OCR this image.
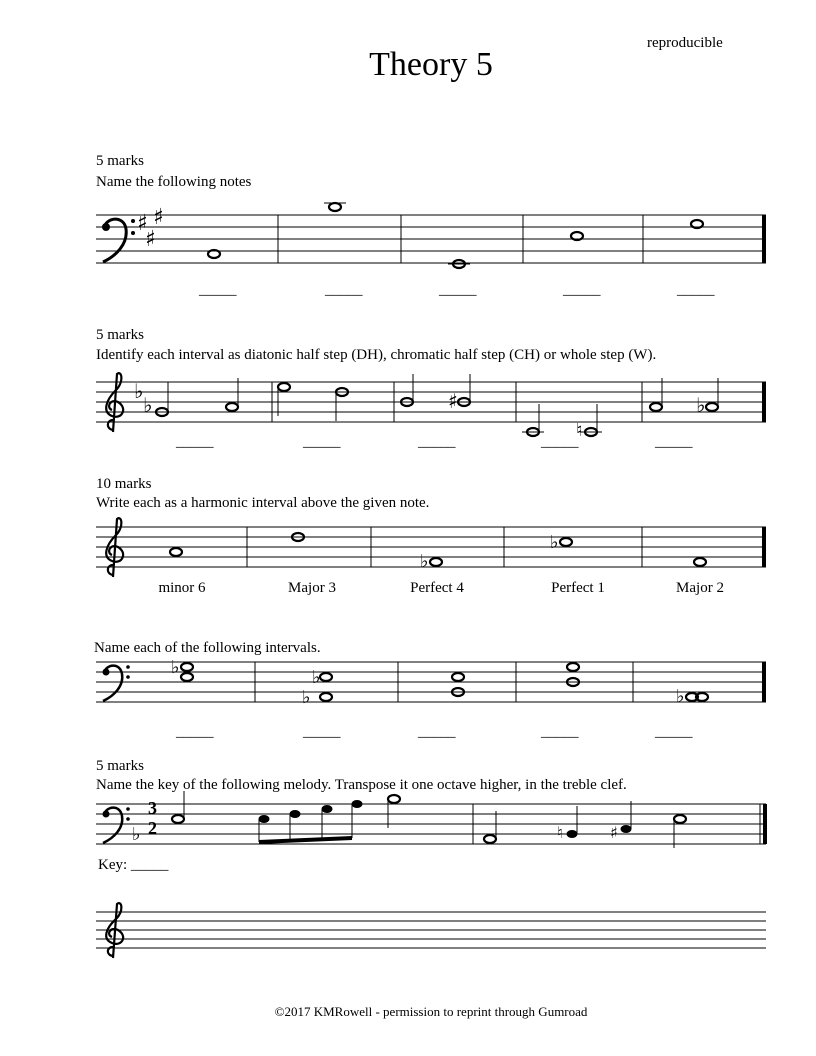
Theory 5
reproducible
5 marks
Name the following notes
♯
♯
♯
_____	_____	_____	_____	_____
5 marks
Identify each interval as diatonic half step (DH), chromatic half step (CH) or whole step (W).
♭
♭	♯
♮
♭
_____	_____	_____	_____	_____
10 marks
Write each as a harmonic interval above the given note.
♭
♭
minor 6	Major 3	Perfect 4	Perfect 1	Major 2
Name each of the following intervals.
♭	♭
♭	♭
_____	_____	_____	_____	_____
5 marks
Name the key of the following melody. Transpose it one octave higher, in the treble clef.
♭
3
2	♮	♯
Key: _____
©2017 KMRowell - permission to reprint through Gumroad
